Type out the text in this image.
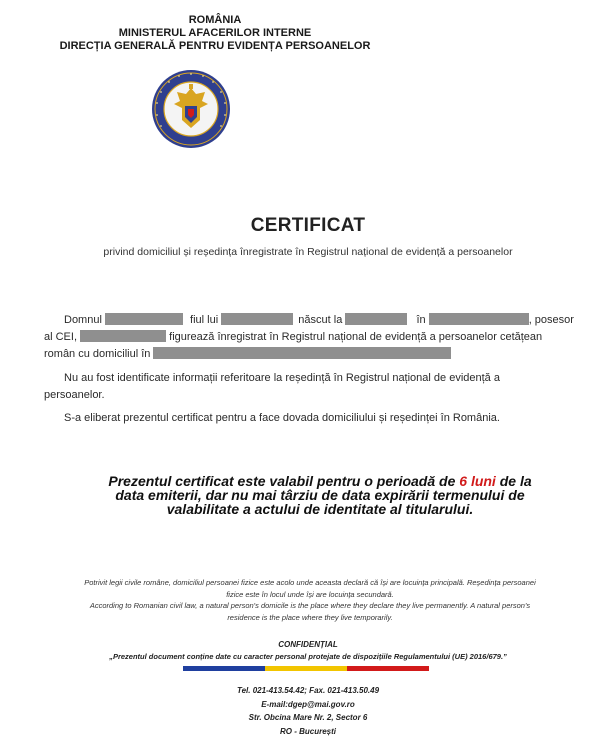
ROMÂNIA
MINISTERUL AFACERILOR INTERNE
DIRECȚIA GENERALĂ PENTRU EVIDENȚA PERSOANELOR
CERTIFICAT
privind domiciliul și reședința înregistrate în Registrul național de evidență a persoanelor
Domnul	fiul lui	născut la	în	, posesor
al CEI,	figurează înregistrat în Registrul național de evidență a persoanelor cetățean
român cu domiciliul în
Nu au fost identificate informații referitoare la reședință în Registrul național de evidență a
persoanelor.
S-a eliberat prezentul certificat pentru a face dovada domiciliului și reședinței în România.
Prezentul certificat este valabil pentru o perioadă de 6 luni de la
data emiterii, dar nu mai târziu de data expirării termenului de
valabilitate a actului de identitate al titularului.
Potrivit legii civile române, domiciliul persoanei fizice este acolo unde aceasta declară că își are locuința principală. Reședința persoanei
fizice este în locul unde își are locuința secundară.
According to Romanian civil law, a natural person's domicile is the place where they declare they live permanently. A natural person's
residence is the place where they live temporarily.
CONFIDENȚIAL
„Prezentul document conține date cu caracter personal protejate de dispozițiile Regulamentului (UE) 2016/679.”
Tel. 021-413.54.42; Fax. 021-413.50.49
E-mail:dgep@mai.gov.ro
Str. Obcina Mare Nr. 2, Sector 6
RO - București
